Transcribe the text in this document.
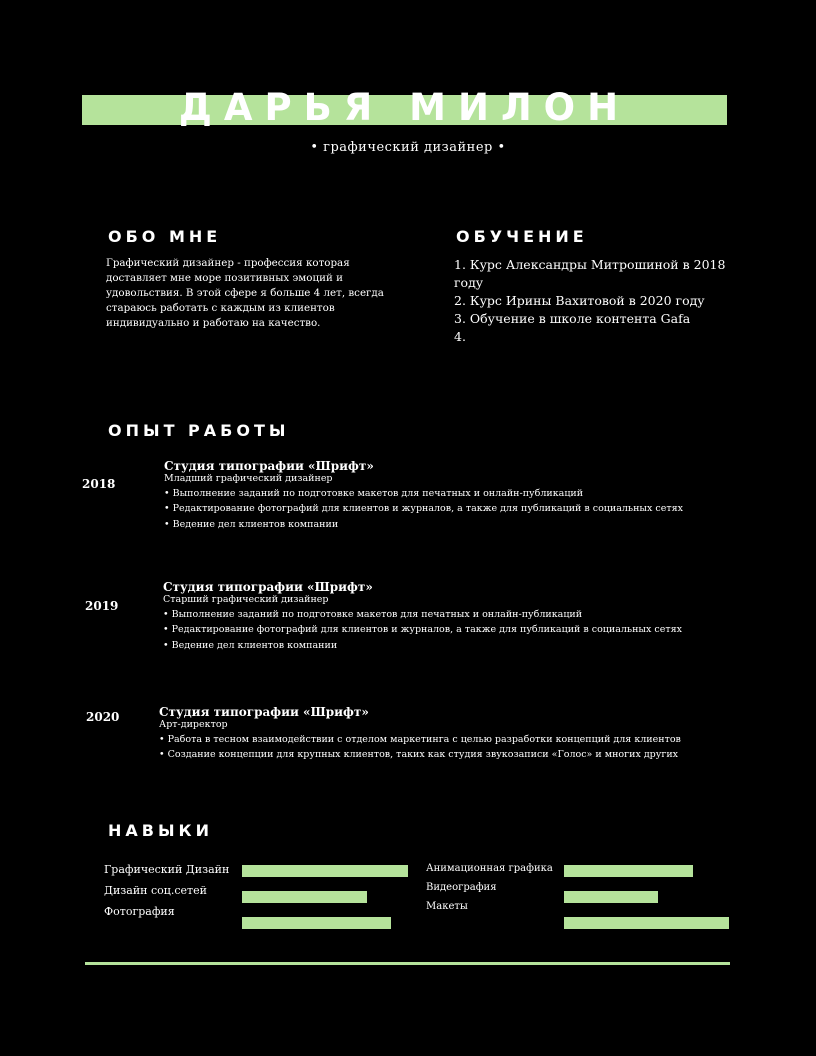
ДАРЬЯ МИЛОН
• графический дизайнер •
ОБО МНЕ
Графический дизайнер - профессия которая доставляет мне море позитивных эмоций и удовольствия. В этой сфере я больше 4 лет, всегда стараюсь работать с каждым из клиентов индивидуально и работаю на качество.
ОБУЧЕНИЕ
1. Курс Александры Митрошиной в 2018 году
2. Курс Ирины Вахитовой в 2020 году
3. Обучение в школе контента Gafa
4.
ОПЫТ РАБОТЫ
2018
Студия типографии «Шрифт»
Младший графический дизайнер
• Выполнение заданий по подготовке макетов для печатных и онлайн-публикаций
• Редактирование фотографий для клиентов и журналов, а также для публикаций в социальных сетях
• Ведение дел клиентов компании
2019
Студия типографии «Шрифт»
Старший графический дизайнер
• Выполнение заданий по подготовке макетов для печатных и онлайн-публикаций
• Редактирование фотографий для клиентов и журналов, а также для публикаций в социальных сетях
• Ведение дел клиентов компании
2020	Студия типографии «Шрифт»
Арт-директор
• Работа в тесном взаимодействии с отделом маркетинга с целью разработки концепций для клиентов
• Создание концепции для крупных клиентов, таких как студия звукозаписи «Голос» и многих других
НАВЫКИ
Графический Дизайн
Дизайн соц.сетей
Фотография
Анимационная графика
Видеография
Макеты
